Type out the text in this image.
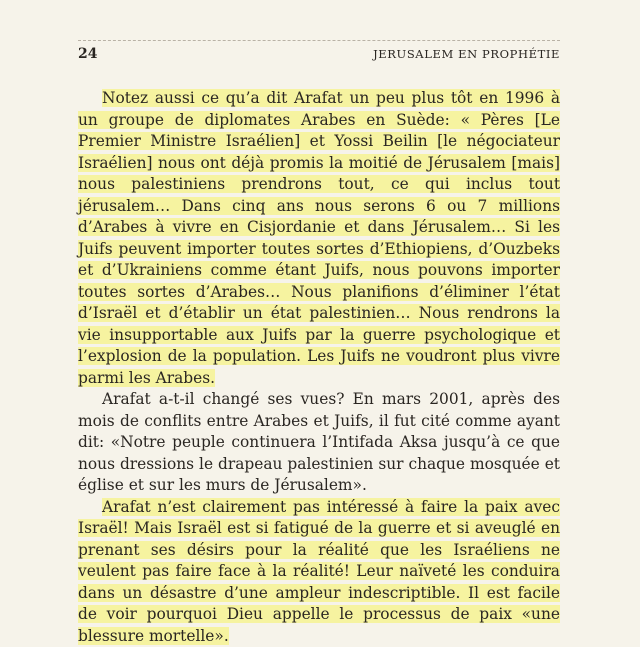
24	JERUSALEM EN PROPHÉTIE

Notez aussi ce qu’a dit Arafat un peu plus tôt en 1996 à un groupe de diplomates Arabes en Suède: « Pères [Le Premier Ministre Israélien] et Yossi Beilin [le négociateur Israélien] nous ont déjà promis la moitié de Jérusalem [mais] nous palestiniens prendrons tout, ce qui inclus tout jérusalem… Dans cinq ans nous serons 6 ou 7 millions d’Arabes à vivre en Cisjordanie et dans Jérusalem… Si les Juifs peuvent importer toutes sortes d’Ethiopiens, d’Ouzbeks et d’Ukrainiens comme étant Juifs, nous pouvons importer toutes sortes d’Arabes… Nous planifions d’éliminer l’état d’Israël et d’établir un état palestinien… Nous rendrons la vie insupportable aux Juifs par la guerre psychologique et l’explosion de la population. Les Juifs ne voudront plus vivre parmi les Arabes.

Arafat a-t-il changé ses vues? En mars 2001, après des mois de conflits entre Arabes et Juifs, il fut cité comme ayant dit: «Notre peuple continuera l’Intifada Aksa jusqu’à ce que nous dressions le drapeau palestinien sur chaque mosquée et église et sur les murs de Jérusalem».

Arafat n’est clairement pas intéressé à faire la paix avec Israël! Mais Israël est si fatigué de la guerre et si aveuglé en prenant ses désirs pour la réalité que les Israéliens ne veulent pas faire face à la réalité! Leur naïveté les conduira dans un désastre d’une ampleur indescriptible. Il est facile de voir pourquoi Dieu appelle le processus de paix «une blessure mortelle».
